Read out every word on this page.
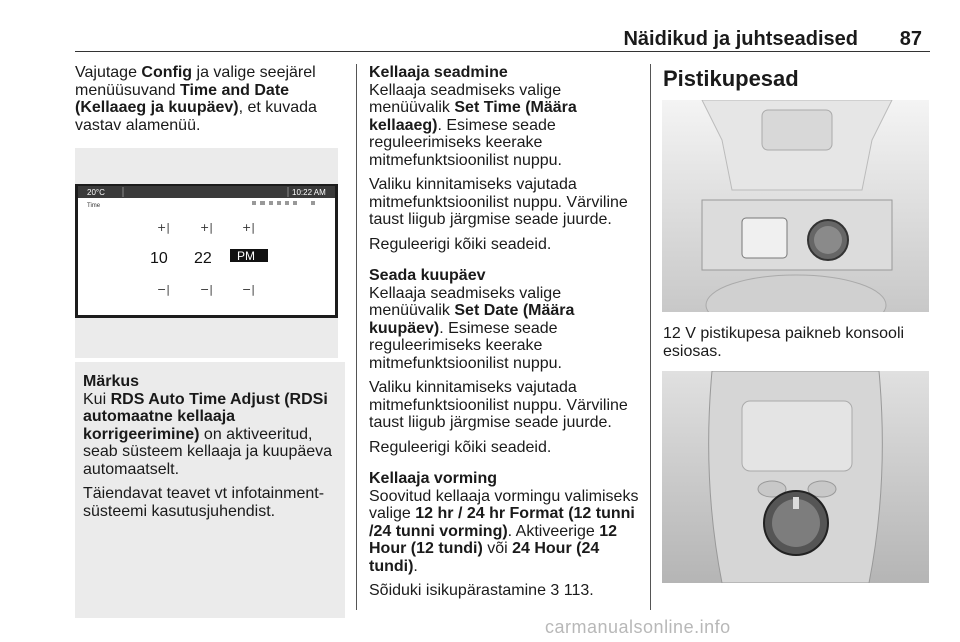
Näidikud ja juhtseadised 87

Vajutage Config ja valige seejärel menüüsuvand Time and Date (Kellaaeg ja kuupäev), et kuvada vastav alamenüü.

20°C	10:22 AM
Time
+|	+|	+|
10 22 PM
−|	−|	−|

Märkus

Kui RDS Auto Time Adjust (RDSi automaatne kellaaja korrigeerimine) on aktiveeritud, seab süsteem kellaaja ja kuupäeva automaatselt.

Täiendavat teavet vt infotainment-süsteemi kasutusjuhendist.

Kellaaja seadmine

Kellaaja seadmiseks valige menüüvalik Set Time (Määra kellaaeg). Esimese seade reguleerimiseks keerake mitmefunktsioonilist nuppu.

Valiku kinnitamiseks vajutada mitmefunktsioonilist nuppu. Värviline taust liigub järgmise seade juurde.

Reguleerigi kõiki seadeid.

Seada kuupäev

Kellaaja seadmiseks valige menüüvalik Set Date (Määra kuupäev). Esimese seade reguleerimiseks keerake mitmefunktsioonilist nuppu.

Valiku kinnitamiseks vajutada mitmefunktsioonilist nuppu. Värviline taust liigub järgmise seade juurde.

Reguleerigi kõiki seadeid.

Kellaaja vorming

Soovitud kellaaja vormingu valimiseks valige 12 hr / 24 hr Format (12 tunni /24 tunni vorming). Aktiveerige 12 Hour (12 tundi) või 24 Hour (24 tundi).

Sõiduki isikupärastamine 3 113.

Pistikupesad

12 V pistikupesa paikneb konsooli esiosas.

carmanualsonline.info
